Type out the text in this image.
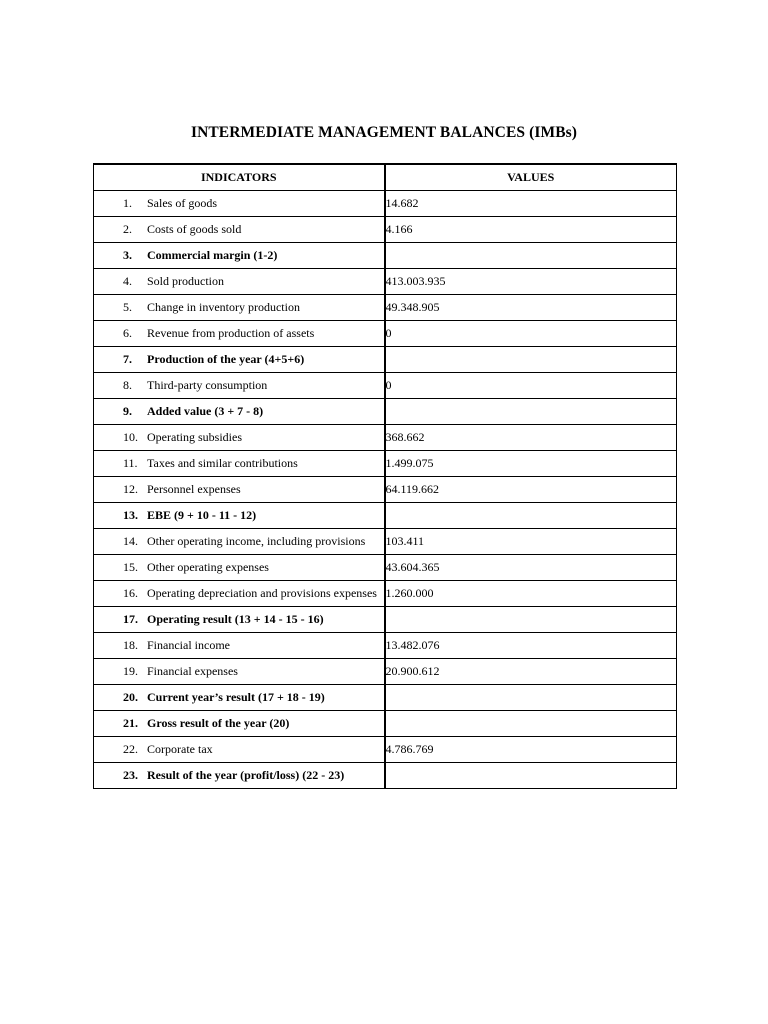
INTERMEDIATE MANAGEMENT BALANCES (IMBs)
INDICATORS	VALUES
1. Sales of goods	14.682
2. Costs of goods sold	4.166
3. Commercial margin (1-2)	
4. Sold production	413.003.935
5. Change in inventory production	49.348.905
6. Revenue from production of assets	0
7. Production of the year (4+5+6)	
8. Third-party consumption	0
9. Added value (3 + 7 - 8)	
10. Operating subsidies	368.662
11. Taxes and similar contributions	1.499.075
12. Personnel expenses	64.119.662
13. EBE (9 + 10 - 11 - 12)	
14. Other operating income, including provisions	103.411
15. Other operating expenses	43.604.365
16. Operating depreciation and provisions expenses	1.260.000
17. Operating result (13 + 14 - 15 - 16)	
18. Financial income	13.482.076
19. Financial expenses	20.900.612
20. Current year’s result (17 + 18 - 19)	
21. Gross result of the year (20)	
22. Corporate tax	4.786.769
23. Result of the year (profit/loss) (22 - 23)	
